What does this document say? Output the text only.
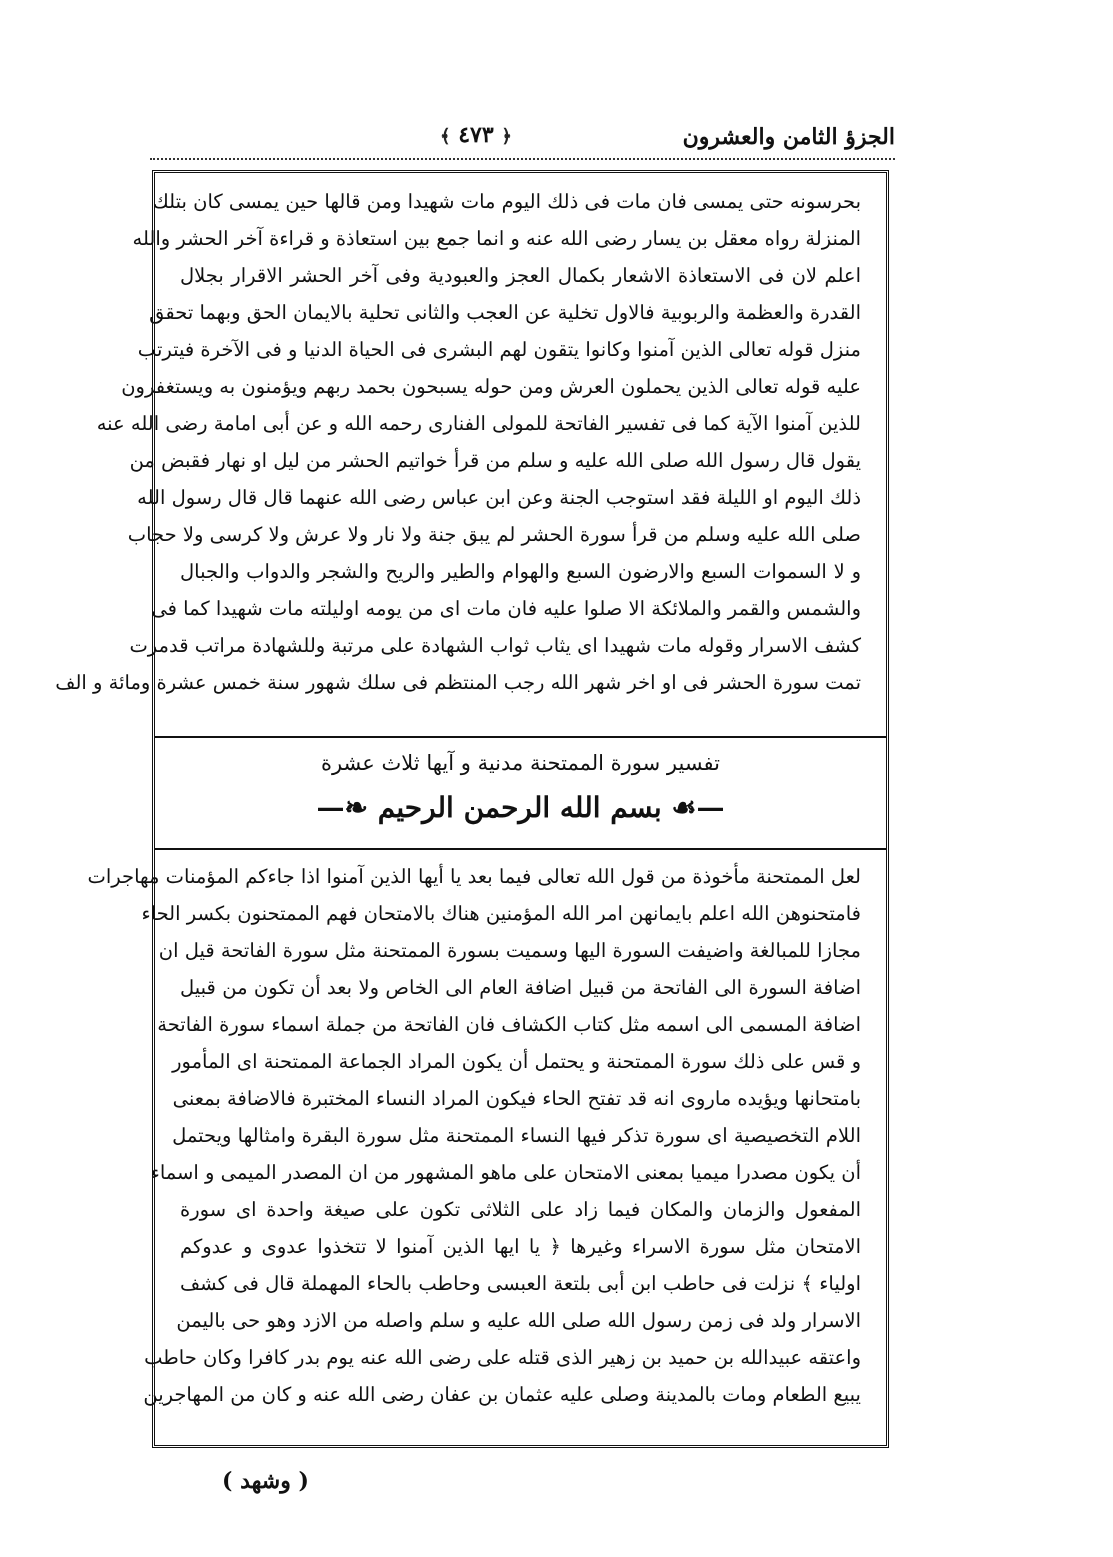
الجزؤ الثامن والعشرون
﴿ ٤٧٣ ﴾
بحرسونه حتى يمسى فان مات فى ذلك اليوم مات شهيدا ومن قالها حين يمسى كان بتلك
المنزلة رواه معقل بن يسار رضى الله عنه و انما جمع بين استعاذة و قراءة آخر الحشر والله
اعلم لان فى الاستعاذة الاشعار بكمال العجز والعبودية وفى آخر الحشر الاقرار بجلال
القدرة والعظمة والربوبية فالاول تخلية عن العجب والثانى تحلية بالايمان الحق وبهما تحقق
منزل قوله تعالى الذين آمنوا وكانوا يتقون لهم البشرى فى الحياة الدنيا و فى الآخرة فيترتب
عليه قوله تعالى الذين يحملون العرش ومن حوله يسبحون بحمد ربهم ويؤمنون به ويستغفرون
للذين آمنوا الآية كما فى تفسير الفاتحة للمولى الفنارى رحمه الله و عن أبى امامة رضى الله عنه
يقول قال رسول الله صلى الله عليه و سلم من قرأ خواتيم الحشر من ليل او نهار فقبض من
ذلك اليوم او الليلة فقد استوجب الجنة وعن ابن عباس رضى الله عنهما قال قال رسول الله
صلى الله عليه وسلم من قرأ سورة الحشر لم يبق جنة ولا نار ولا عرش ولا كرسى ولا حجاب
و لا السموات السبع والارضون السبع والهوام والطير والريح والشجر والدواب والجبال
والشمس والقمر والملائكة الا صلوا عليه فان مات اى من يومه اوليلته مات شهيدا كما فى
كشف الاسرار وقوله مات شهيدا اى يثاب ثواب الشهادة على مرتبة وللشهادة مراتب قدمرت
تمت سورة الحشر فى او اخر شهر الله رجب المنتظم فى سلك شهور سنة خمس عشرة ومائة و الف
تفسير سورة الممتحنة مدنية و آيها ثلاث عشرة
—☙ بسم الله الرحمن الرحيم ❧—
لعل الممتحنة مأخوذة من قول الله تعالى فيما بعد يا أيها الذين آمنوا اذا جاءكم المؤمنات مهاجرات
فامتحنوهن الله اعلم بايمانهن امر الله المؤمنين هناك بالامتحان فهم الممتحنون بكسر الحاء
مجازا للمبالغة واضيفت السورة اليها وسميت بسورة الممتحنة مثل سورة الفاتحة قيل ان
اضافة السورة الى الفاتحة من قبيل اضافة العام الى الخاص ولا بعد أن تكون من قبيل
اضافة المسمى الى اسمه مثل كتاب الكشاف فان الفاتحة من جملة اسماء سورة الفاتحة
و قس على ذلك سورة الممتحنة و يحتمل أن يكون المراد الجماعة الممتحنة اى المأمور
بامتحانها ويؤيده ماروى انه قد تفتح الحاء فيكون المراد النساء المختبرة فالاضافة بمعنى
اللام التخصيصية اى سورة تذكر فيها النساء الممتحنة مثل سورة البقرة وامثالها ويحتمل
أن يكون مصدرا ميميا بمعنى الامتحان على ماهو المشهور من ان المصدر الميمى و اسماء
المفعول والزمان والمكان فيما زاد على الثلاثى تكون على صيغة واحدة اى سورة
الامتحان مثل سورة الاسراء وغيرها ﴿ يا ايها الذين آمنوا لا تتخذوا عدوى و عدوكم
اولياء ﴾ نزلت فى حاطب ابن أبى بلتعة العبسى وحاطب بالحاء المهملة قال فى كشف
الاسرار ولد فى زمن رسول الله صلى الله عليه و سلم واصله من الازد وهو حى باليمن
واعتقه عبيدالله بن حميد بن زهير الذى قتله على رضى الله عنه يوم بدر كافرا وكان حاطب
يبيع الطعام ومات بالمدينة وصلى عليه عثمان بن عفان رضى الله عنه و كان من المهاجرين
( وشهد )
